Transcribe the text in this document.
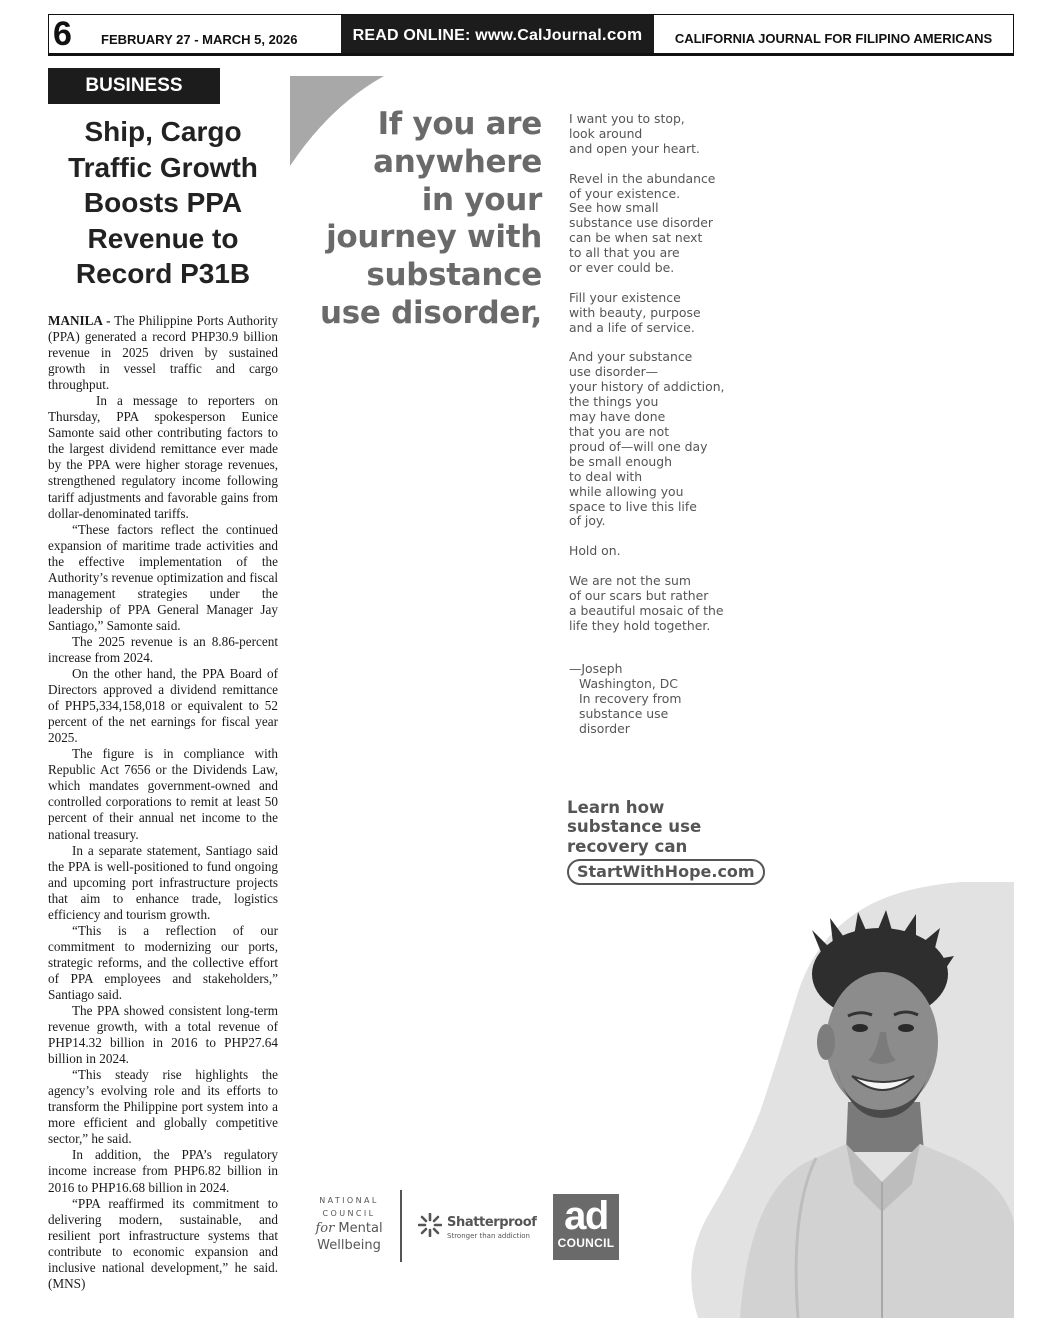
6	FEBRUARY 27 - MARCH 5, 2026	READ ONLINE: www.CalJournal.com	CALIFORNIA JOURNAL FOR FILIPINO AMERICANS
BUSINESS
Ship, Cargo
Traffic Growth
Boosts PPA
Revenue to
Record P31B

MANILA - The Philippine Ports Authority (PPA) generated a record PHP30.9 billion revenue in 2025 driven by sustained growth in vessel traffic and cargo throughput.

In a message to reporters on Thursday, PPA spokesperson Eunice Samonte said other contributing factors to the largest dividend remittance ever made by the PPA were higher storage revenues, strengthened regulatory income following tariff adjustments and favorable gains from dollar-denominated tariffs.

“These factors reflect the continued expansion of maritime trade activities and the effective implementation of the Authority’s revenue optimization and fiscal management strategies under the leadership of PPA General Manager Jay Santiago,” Samonte said.

The 2025 revenue is an 8.86-percent increase from 2024.

On the other hand, the PPA Board of Directors approved a dividend remittance of PHP5,334,158,018 or equivalent to 52 percent of the net earnings for fiscal year 2025.

The figure is in compliance with Republic Act 7656 or the Dividends Law, which mandates government-owned and controlled corporations to remit at least 50 percent of their annual net income to the national treasury.

In a separate statement, Santiago said the PPA is well-positioned to fund ongoing and upcoming port infrastructure projects that aim to enhance trade, logistics efficiency and tourism growth.

“This is a reflection of our commitment to modernizing our ports, strategic reforms, and the collective effort of PPA employees and stakeholders,” Santiago said.

The PPA showed consistent long-term revenue growth, with a total revenue of PHP14.32 billion in 2016 to PHP27.64 billion in 2024.

“This steady rise highlights the agency’s evolving role and its efforts to transform the Philippine port system into a more efficient and globally competitive sector,” he said.

In addition, the PPA’s regulatory income increase from PHP6.82 billion in 2016 to PHP16.68 billion in 2024.

“PPA reaffirmed its commitment to delivering modern, sustainable, and resilient port infrastructure systems that contribute to economic expansion and inclusive national development,” he said. (MNS)

If you are
anywhere
in your
journey with
substance
use disorder,
I want you to stop,
look around
and open your heart.
Revel in the abundance
of your existence.
See how small
substance use disorder
can be when sat next
to all that you are
or ever could be.
Fill your existence
with beauty, purpose
and a life of service.
And your substance
use disorder—
your history of addiction,
the things you
may have done
that you are not
proud of—will one day
be small enough
to deal with
while allowing you
space to live this life
of joy.
Hold on.
We are not the sum
of our scars but rather
a beautiful mosaic of the
life they hold together.
—Joseph
Washington, DC
In recovery from
substance use
disorder
Learn how
substance use
recovery can
StartWithHope.com
NATIONAL
COUNCIL
for Mental
Wellbeing
Shatterproof
Stronger than addiction ad
COUNCIL
